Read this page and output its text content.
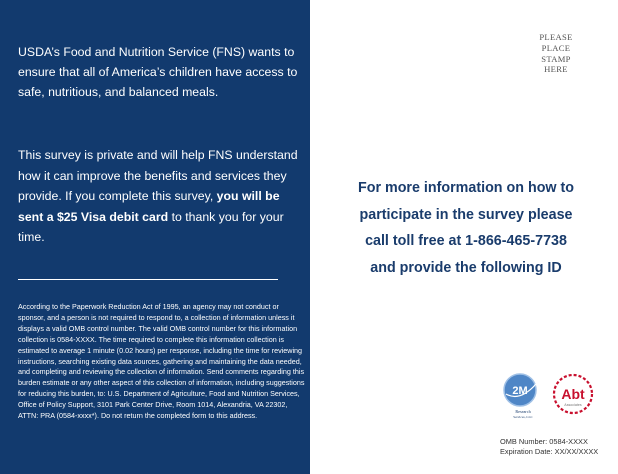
USDA’s Food and Nutrition Service (FNS) wants to ensure that all of America’s children have access to safe, nutritious, and balanced meals.

This survey is private and will help FNS understand how it can improve the benefits and services they provide. If you complete this survey, you will be sent a $25 Visa debit card to thank you for your time.

According to the Paperwork Reduction Act of 1995, an agency may not conduct or sponsor, and a person is not required to respond to, a collection of information unless it displays a valid OMB control number. The valid OMB control number for this information collection is 0584-XXXX. The time required to complete this information collection is estimated to average 1 minute (0.02 hours) per response, including the time for reviewing instructions, searching existing data sources, gathering and maintaining the data needed, and completing and reviewing the collection of information. Send comments regarding this burden estimate or any other aspect of this collection of information, including suggestions for reducing this burden, to: U.S. Department of Agriculture, Food and Nutrition Services, Office of Policy Support, 3101 Park Center Drive, Room 1014, Alexandria, VA 22302, ATTN: PRA (0584-xxxx*). Do not return the completed form to this address.

PLEASE
PLACE
STAMP
HERE
For more information on how to
participate in the survey please
call toll free at 1-866-465-7738
and provide the following ID
2M
Research
Services, LLC
Abt
Associates
OMB Number: 0584-XXXX
Expiration Date: XX/XX/XXXX
